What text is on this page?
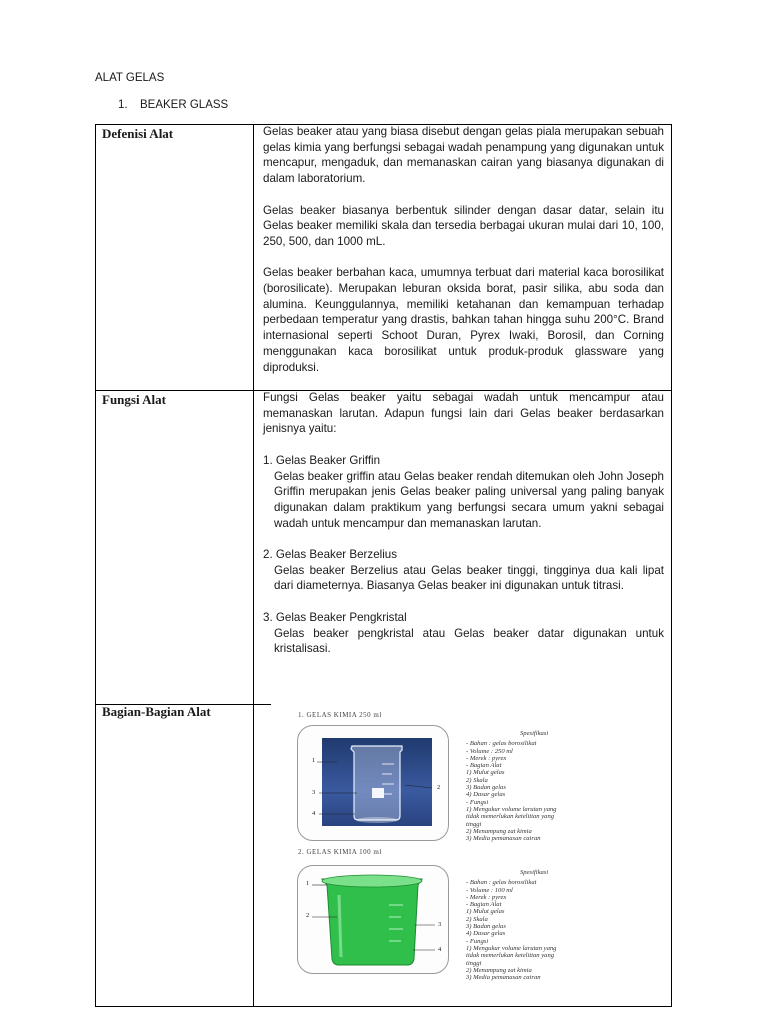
ALAT GELAS
1. BEAKER GLASS
Defenisi Alat	Gelas beaker atau yang biasa disebut dengan gelas piala merupakan sebuah gelas kimia yang berfungsi sebagai wadah penampung yang digunakan untuk mencapur, mengaduk, dan memanaskan cairan yang biasanya digunakan di dalam laboratorium.

Gelas beaker biasanya berbentuk silinder dengan dasar datar, selain itu Gelas beaker memiliki skala dan tersedia berbagai ukuran mulai dari 10, 100, 250, 500, dan 1000 mL.

Gelas beaker berbahan kaca, umumnya terbuat dari material kaca borosilikat (borosilicate). Merupakan leburan oksida borat, pasir silika, abu soda dan alumina. Keunggulannya, memiliki ketahanan dan kemampuan terhadap perbedaan temperatur yang drastis, bahkan tahan hingga suhu 200°C. Brand internasional seperti Schoot Duran, Pyrex Iwaki, Borosil, dan Corning menggunakan kaca borosilikat untuk produk-produk glassware yang diproduksi.

Fungsi Alat	Fungsi Gelas beaker yaitu sebagai wadah untuk mencampur atau memanaskan larutan. Adapun fungsi lain dari Gelas beaker berdasarkan jenisnya yaitu:

1. Gelas Beaker Griffin

Gelas beaker griffin atau Gelas beaker rendah ditemukan oleh John Joseph Griffin merupakan jenis Gelas beaker paling universal yang paling banyak digunakan dalam praktikum yang berfungsi secara umum yakni sebagai wadah untuk mencampur dan memanaskan larutan.

2. Gelas Beaker Berzelius

Gelas beaker Berzelius atau Gelas beaker tinggi, tingginya dua kali lipat dari diameternya. Biasanya Gelas beaker ini digunakan untuk titrasi.

3. Gelas Beaker Pengkristal

Gelas beaker pengkristal atau Gelas beaker datar digunakan untuk kristalisasi.

Bagian-Bagian Alat	1. GELAS KIMIA 250 ml
1
2
3
4
Spesifikasi
- Bahan : gelas borosilikat
- Volume : 250 ml
- Merek : pyrex
- Bagian Alat
1) Mulut gelas
2) Skala
3) Badan gelas
4) Dasar gelas
- Fungsi
1) Mengukur volume larutan yang
tidak memerlukan ketelitian yang
tinggi
2) Menampung zat kimia
3) Media pemanasan cairan
2. GELAS KIMIA 100 ml
1
2
3
4
Spesifikasi
- Bahan : gelas borosilikat
- Volume : 100 ml
- Merek : pyrex
- Bagian Alat
1) Mulut gelas
2) Skala
3) Badan gelas
4) Dasar gelas
- Fungsi
1) Mengukur volume larutan yang
tidak memerlukan ketelitian yang
tinggi
2) Menampung zat kimia
3) Media pemanasan cairan
